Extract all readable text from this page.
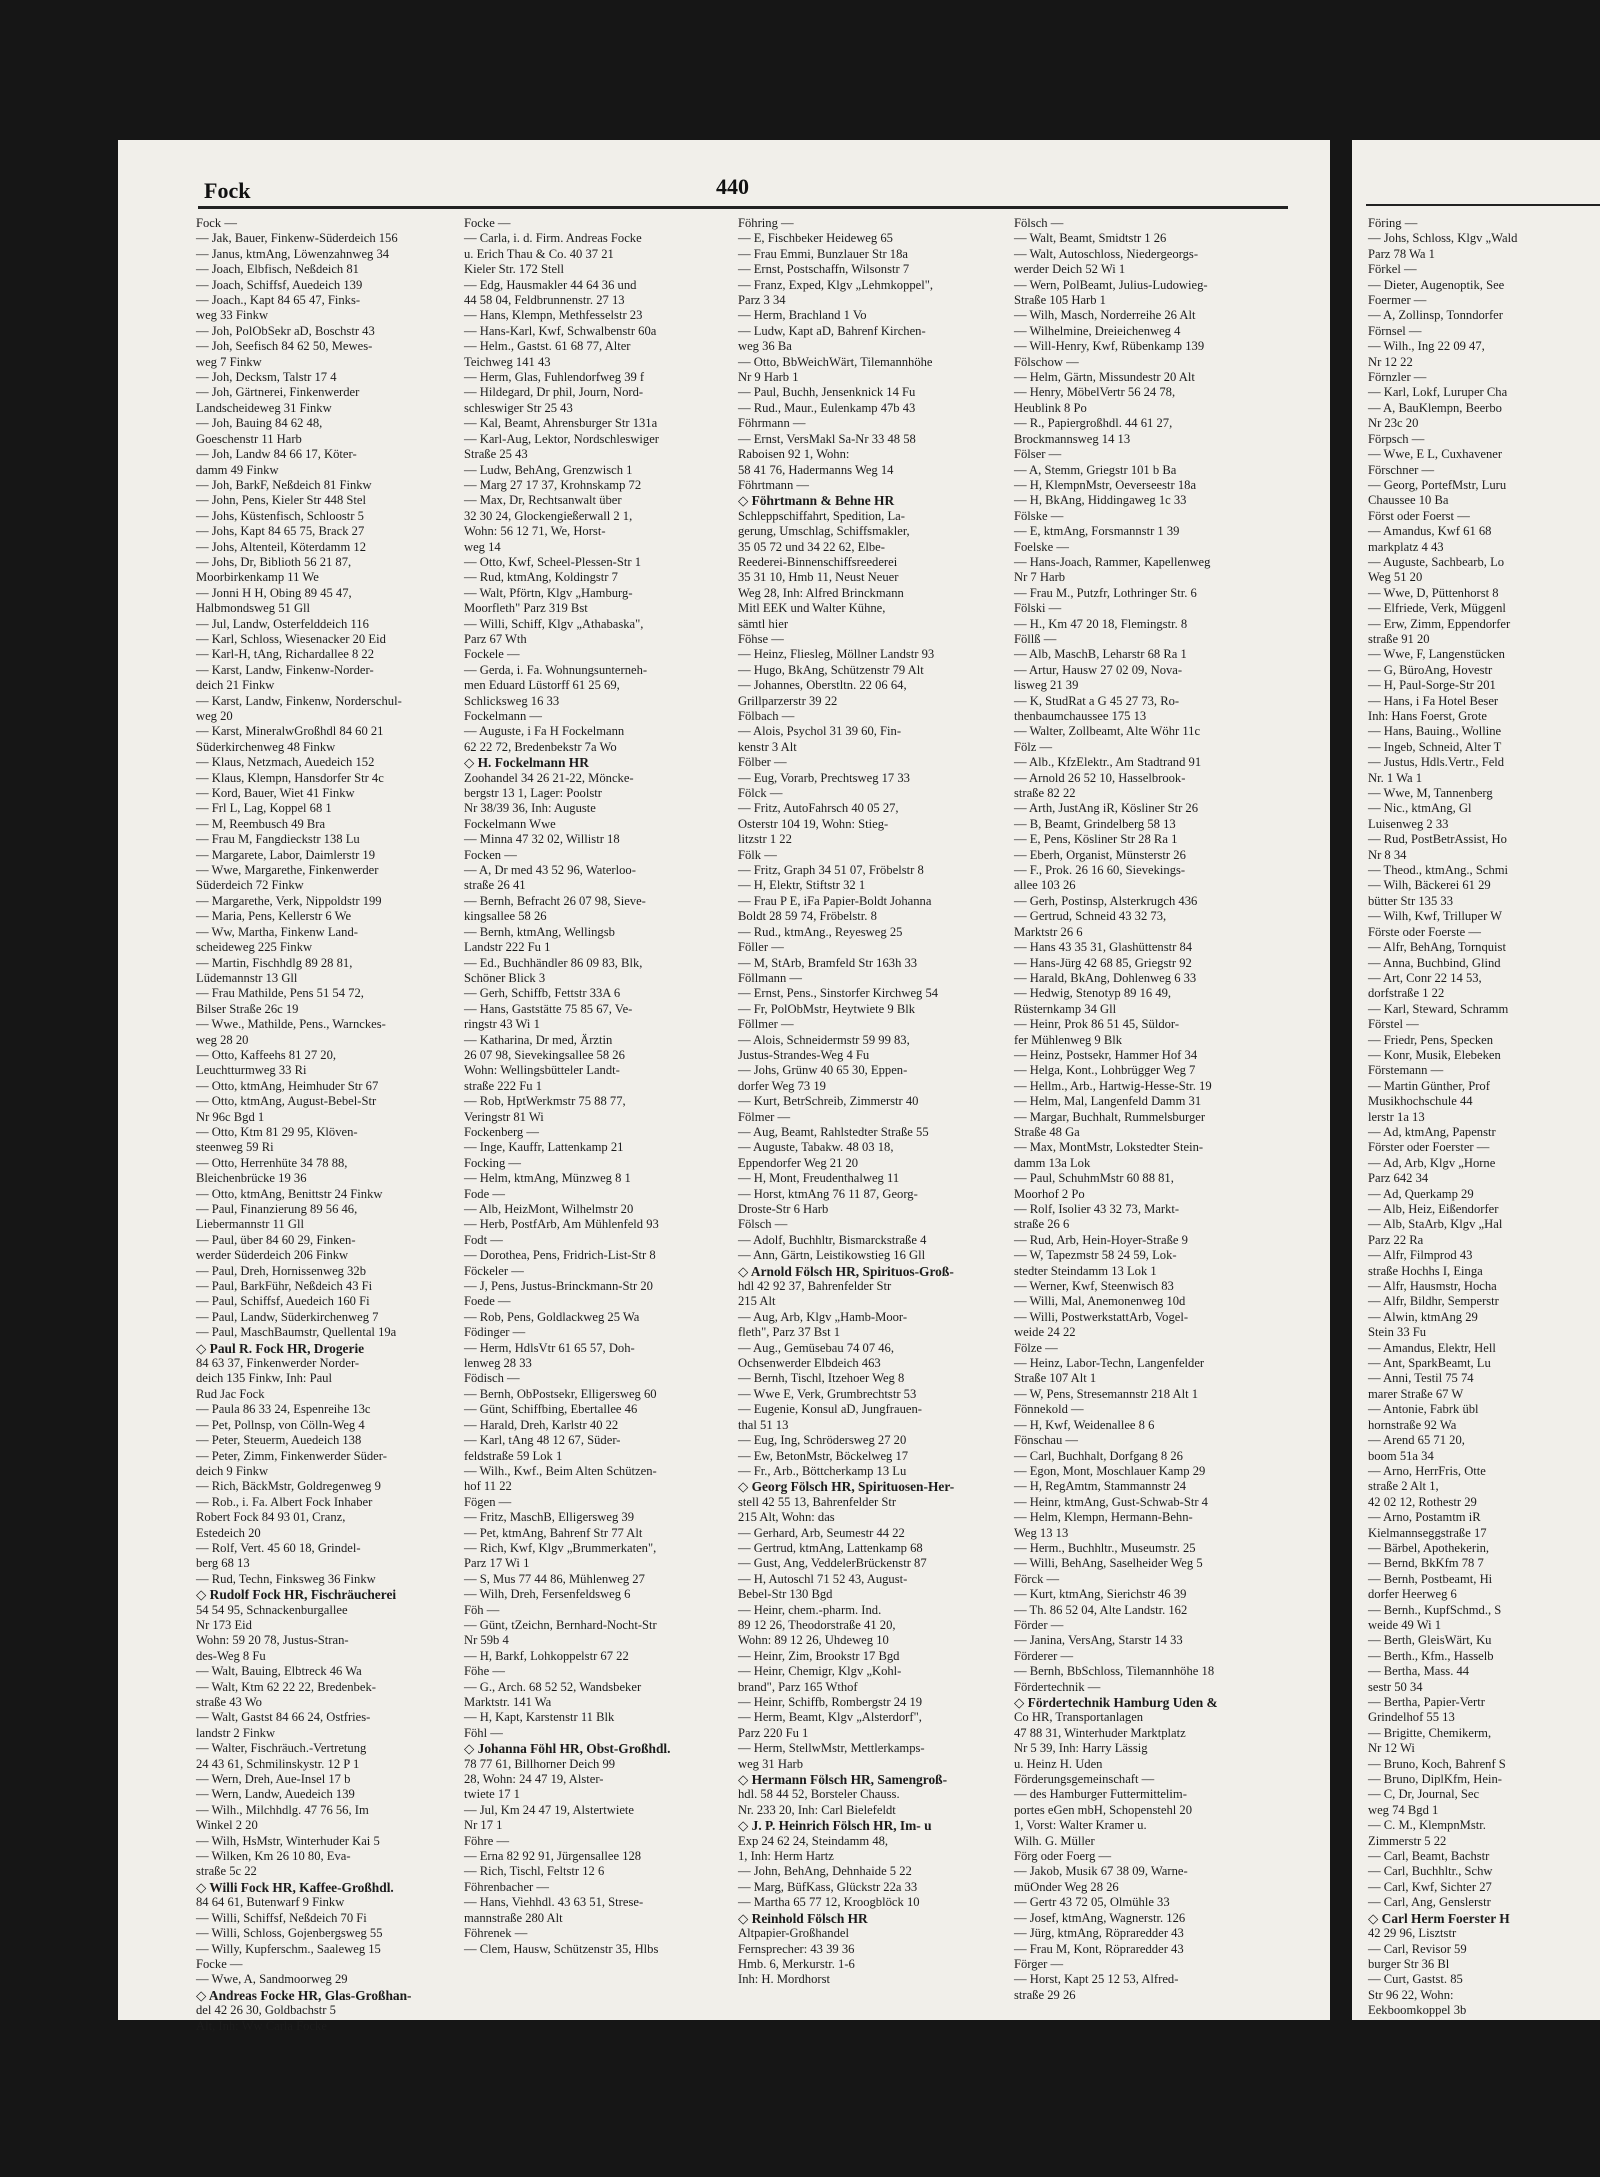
Fock	440

Fock —

— Jak, Bauer, Finkenw-Süderdeich 156

— Janus, ktmAng, Löwenzahnweg 34

— Joach, Elbfisch, Neßdeich 81

— Joach, Schiffsf, Auedeich 139

— Joach., Kapt 84 65 47, Finks-

weg 33 Finkw

— Joh, PolObSekr aD, Boschstr 43

— Joh, Seefisch 84 62 50, Mewes-

weg 7 Finkw

— Joh, Decksm, Talstr 17 4

— Joh, Gärtnerei, Finkenwerder

Landscheideweg 31 Finkw

— Joh, Bauing 84 62 48,

Goeschenstr 11 Harb

— Joh, Landw 84 66 17, Köter-

damm 49 Finkw

— Joh, BarkF, Neßdeich 81 Finkw

— John, Pens, Kieler Str 448 Stel

— Johs, Küstenfisch, Schloostr 5

— Johs, Kapt 84 65 75, Brack 27

— Johs, Altenteil, Köterdamm 12

— Johs, Dr, Biblioth 56 21 87,

Moorbirkenkamp 11 We

— Jonni H H, Obing 89 45 47,

Halbmondsweg 51 Gll

— Jul, Landw, Osterfelddeich 116

— Karl, Schloss, Wiesenacker 20 Eid

— Karl-H, tAng, Richardallee 8 22

— Karst, Landw, Finkenw-Norder-

deich 21 Finkw

— Karst, Landw, Finkenw, Norderschul-

weg 20

— Karst, MineralwGroßhdl 84 60 21

Süderkirchenweg 48 Finkw

— Klaus, Netzmach, Auedeich 152

— Klaus, Klempn, Hansdorfer Str 4c

— Kord, Bauer, Wiet 41 Finkw

— Frl L, Lag, Koppel 68 1

— M, Reembusch 49 Bra

— Frau M, Fangdieckstr 138 Lu

— Margarete, Labor, Daimlerstr 19

— Wwe, Margarethe, Finkenwerder

Süderdeich 72 Finkw

— Margarethe, Verk, Nippoldstr 199

— Maria, Pens, Kellerstr 6 We

— Ww, Martha, Finkenw Land-

scheideweg 225 Finkw

— Martin, Fischhdlg 89 28 81,

Lüdemannstr 13 Gll

— Frau Mathilde, Pens 51 54 72,

Bilser Straße 26c 19

— Wwe., Mathilde, Pens., Warnckes-

weg 28 20

— Otto, Kaffeehs 81 27 20,

Leuchtturmweg 33 Ri

— Otto, ktmAng, Heimhuder Str 67

— Otto, ktmAng, August-Bebel-Str

Nr 96c Bgd 1

— Otto, Ktm 81 29 95, Klöven-

steenweg 59 Ri

— Otto, Herrenhüte 34 78 88,

Bleichenbrücke 19 36

— Otto, ktmAng, Benittstr 24 Finkw

— Paul, Finanzierung 89 56 46,

Liebermannstr 11 Gll

— Paul, über 84 60 29, Finken-

werder Süderdeich 206 Finkw

— Paul, Dreh, Hornissenweg 32b

— Paul, BarkFühr, Neßdeich 43 Fi

— Paul, Schiffsf, Auedeich 160 Fi

— Paul, Landw, Süderkirchenweg 7

— Paul, MaschBaumstr, Quellental 19a

◇ Paul R. Fock HR, Drogerie

84 63 37, Finkenwerder Norder-

deich 135 Finkw, Inh: Paul

Rud Jac Fock

— Paula 86 33 24, Espenreihe 13c

— Pet, Pollnsp, von Cölln-Weg 4

— Peter, Steuerm, Auedeich 138

— Peter, Zimm, Finkenwerder Süder-

deich 9 Finkw

— Rich, BäckMstr, Goldregenweg 9

— Rob., i. Fa. Albert Fock Inhaber

Robert Fock 84 93 01, Cranz,

Estedeich 20

— Rolf, Vert. 45 60 18, Grindel-

berg 68 13

— Rud, Techn, Finksweg 36 Finkw

◇ Rudolf Fock HR, Fischräucherei

54 54 95, Schnackenburgallee

Nr 173 Eid

Wohn: 59 20 78, Justus-Stran-

des-Weg 8 Fu

— Walt, Bauing, Elbtreck 46 Wa

— Walt, Ktm 62 22 22, Bredenbek-

straße 43 Wo

— Walt, Gastst 84 66 24, Ostfries-

landstr 2 Finkw

— Walter, Fischräuch.-Vertretung

24 43 61, Schmilinskystr. 12 P 1

— Wern, Dreh, Aue-Insel 17 b

— Wern, Landw, Auedeich 139

— Wilh., Milchhdlg. 47 76 56, Im

Winkel 2 20

— Wilh, HsMstr, Winterhuder Kai 5

— Wilken, Km 26 10 80, Eva-

straße 5c 22

◇ Willi Fock HR, Kaffee-Großhdl.

84 64 61, Butenwarf 9 Finkw

— Willi, Schiffsf, Neßdeich 70 Fi

— Willi, Schloss, Gojenbergsweg 55

— Willy, Kupferschm., Saaleweg 15

Focke —

— Wwe, A, Sandmoorweg 29

◇ Andreas Focke HR, Glas-Großhan-

del 42 26 30, Goldbachstr 5

Alt, Inh: Ww Carla Focke

Focke —

— Carla, i. d. Firm. Andreas Focke

u. Erich Thau & Co. 40 37 21

Kieler Str. 172 Stell

— Edg, Hausmakler 44 64 36 und

44 58 04, Feldbrunnenstr. 27 13

— Hans, Klempn, Methfesselstr 23

— Hans-Karl, Kwf, Schwalbenstr 60a

— Helm., Gastst. 61 68 77, Alter

Teichweg 141 43

— Herm, Glas, Fuhlendorfweg 39 f

— Hildegard, Dr phil, Journ, Nord-

schleswiger Str 25 43

— Kal, Beamt, Ahrensburger Str 131a

— Karl-Aug, Lektor, Nordschleswiger

Straße 25 43

— Ludw, BehAng, Grenzwisch 1

— Marg 27 17 37, Krohnskamp 72

— Max, Dr, Rechtsanwalt über

32 30 24, Glockengießerwall 2 1,

Wohn: 56 12 71, We, Horst-

weg 14

— Otto, Kwf, Scheel-Plessen-Str 1

— Rud, ktmAng, Koldingstr 7

— Walt, Pförtn, Klgv „Hamburg-

Moorfleth" Parz 319 Bst

— Willi, Schiff, Klgv „Athabaska",

Parz 67 Wth

Fockele —

— Gerda, i. Fa. Wohnungsunterneh-

men Eduard Lüstorff 61 25 69,

Schlicksweg 16 33

Fockelmann —

— Auguste, i Fa H Fockelmann

62 22 72, Bredenbekstr 7a Wo

◇ H. Fockelmann HR

Zoohandel 34 26 21-22, Möncke-

bergstr 13 1, Lager: Poolstr

Nr 38/39 36, Inh: Auguste

Fockelmann Wwe

— Minna 47 32 02, Willistr 18

Focken —

— A, Dr med 43 52 96, Waterloo-

straße 26 41

— Bernh, Befracht 26 07 98, Sieve-

kingsallee 58 26

— Bernh, ktmAng, Wellingsb

Landstr 222 Fu 1

— Ed., Buchhändler 86 09 83, Blk,

Schöner Blick 3

— Gerh, Schiffb, Fettstr 33A 6

— Hans, Gaststätte 75 85 67, Ve-

ringstr 43 Wi 1

— Katharina, Dr med, Ärztin

26 07 98, Sievekingsallee 58 26

Wohn: Wellingsbütteler Landt-

straße 222 Fu 1

— Rob, HptWerkmstr 75 88 77,

Veringstr 81 Wi

Fockenberg —

— Inge, Kauffr, Lattenkamp 21

Focking —

— Helm, ktmAng, Münzweg 8 1

Fode —

— Alb, HeizMont, Wilhelmstr 20

— Herb, PostfArb, Am Mühlenfeld 93

Fodt —

— Dorothea, Pens, Fridrich-List-Str 8

Föckeler —

— J, Pens, Justus-Brinckmann-Str 20

Foede —

— Rob, Pens, Goldlackweg 25 Wa

Födinger —

— Herm, HdlsVtr 61 65 57, Doh-

lenweg 28 33

Födisch —

— Bernh, ObPostsekr, Elligersweg 60

— Günt, Schiffbing, Ebertallee 46

— Harald, Dreh, Karlstr 40 22

— Karl, tAng 48 12 67, Süder-

feldstraße 59 Lok 1

— Wilh., Kwf., Beim Alten Schützen-

hof 11 22

Fögen —

— Fritz, MaschB, Elligersweg 39

— Pet, ktmAng, Bahrenf Str 77 Alt

— Rich, Kwf, Klgv „Brummerkaten",

Parz 17 Wi 1

— S, Mus 77 44 86, Mühlenweg 27

— Wilh, Dreh, Fersenfeldsweg 6

Föh —

— Günt, tZeichn, Bernhard-Nocht-Str

Nr 59b 4

— H, Barkf, Lohkoppelstr 67 22

Föhe —

— G., Arch. 68 52 52, Wandsbeker

Marktstr. 141 Wa

— H, Kapt, Karstenstr 11 Blk

Föhl —

◇ Johanna Föhl HR, Obst-Großhdl.

78 77 61, Billhorner Deich 99

28, Wohn: 24 47 19, Alster-

twiete 17 1

— Jul, Km 24 47 19, Alstertwiete

Nr 17 1

Föhre —

— Erna 82 92 91, Jürgensallee 128

— Rich, Tischl, Feltstr 12 6

Föhrenbacher —

— Hans, Viehhdl. 43 63 51, Strese-

mannstraße 280 Alt

Föhrenek —

— Clem, Hausw, Schützenstr 35, Hlbs

Föhring —

— E, Fischbeker Heideweg 65

— Frau Emmi, Bunzlauer Str 18a

— Ernst, Postschaffn, Wilsonstr 7

— Franz, Exped, Klgv „Lehmkoppel",

Parz 3 34

— Herm, Brachland 1 Vo

— Ludw, Kapt aD, Bahrenf Kirchen-

weg 36 Ba

— Otto, BbWeichWärt, Tilemannhöhe

Nr 9 Harb 1

— Paul, Buchh, Jensenknick 14 Fu

— Rud., Maur., Eulenkamp 47b 43

Föhrmann —

— Ernst, VersMakl Sa-Nr 33 48 58

Raboisen 92 1, Wohn:

58 41 76, Hadermanns Weg 14

Föhrtmann —

◇ Föhrtmann & Behne HR

Schleppschiffahrt, Spedition, La-

gerung, Umschlag, Schiffsmakler,

35 05 72 und 34 22 62, Elbe-

Reederei-Binnenschiffsreederei

35 31 10, Hmb 11, Neust Neuer

Weg 28, Inh: Alfred Brinckmann

Mitl EEK und Walter Kühne,

sämtl hier

Föhse —

— Heinz, Fliesleg, Möllner Landstr 93

— Hugo, BkAng, Schützenstr 79 Alt

— Johannes, Oberstltn. 22 06 64,

Grillparzerstr 39 22

Fölbach —

— Alois, Psychol 31 39 60, Fin-

kenstr 3 Alt

Fölber —

— Eug, Vorarb, Prechtsweg 17 33

Fölck —

— Fritz, AutoFahrsch 40 05 27,

Osterstr 104 19, Wohn: Stieg-

litzstr 1 22

Fölk —

— Fritz, Graph 34 51 07, Fröbelstr 8

— H, Elektr, Stiftstr 32 1

— Frau P E, iFa Papier-Boldt Johanna

Boldt 28 59 74, Fröbelstr. 8

— Rud., ktmAng., Reyesweg 25

Föller —

— M, StArb, Bramfeld Str 163h 33

Föllmann —

— Ernst, Pens., Sinstorfer Kirchweg 54

— Fr, PolObMstr, Heytwiete 9 Blk

Föllmer —

— Alois, Schneidermstr 59 99 83,

Justus-Strandes-Weg 4 Fu

— Johs, Grünw 40 65 30, Eppen-

dorfer Weg 73 19

— Kurt, BetrSchreib, Zimmerstr 40

Fölmer —

— Aug, Beamt, Rahlstedter Straße 55

— Auguste, Tabakw. 48 03 18,

Eppendorfer Weg 21 20

— H, Mont, Freudenthalweg 11

— Horst, ktmAng 76 11 87, Georg-

Droste-Str 6 Harb

Fölsch —

— Adolf, Buchhltr, Bismarckstraße 4

— Ann, Gärtn, Leistikowstieg 16 Gll

◇ Arnold Fölsch HR, Spirituos-Groß-

hdl 42 92 37, Bahrenfelder Str

215 Alt

— Aug, Arb, Klgv „Hamb-Moor-

fleth", Parz 37 Bst 1

— Aug., Gemüsebau 74 07 46,

Ochsenwerder Elbdeich 463

— Bernh, Tischl, Itzehoer Weg 8

— Wwe E, Verk, Grumbrechtstr 53

— Eugenie, Konsul aD, Jungfrauen-

thal 51 13

— Eug, Ing, Schrödersweg 27 20

— Ew, BetonMstr, Böckelweg 17

— Fr., Arb., Böttcherkamp 13 Lu

◇ Georg Fölsch HR, Spirituosen-Her-

stell 42 55 13, Bahrenfelder Str

215 Alt, Wohn: das

— Gerhard, Arb, Seumestr 44 22

— Gertrud, ktmAng, Lattenkamp 68

— Gust, Ang, VeddelerBrückenstr 87

— H, Autoschl 71 52 43, August-

Bebel-Str 130 Bgd

— Heinr, chem.-pharm. Ind.

89 12 26, Theodorstraße 41 20,

Wohn: 89 12 26, Uhdeweg 10

— Heinr, Zim, Brookstr 17 Bgd

— Heinr, Chemigr, Klgv „Kohl-

brand", Parz 165 Wthof

— Heinr, Schiffb, Rombergstr 24 19

— Herm, Beamt, Klgv „Alsterdorf",

Parz 220 Fu 1

— Herm, StellwMstr, Mettlerkamps-

weg 31 Harb

◇ Hermann Fölsch HR, Samengroß-

hdl. 58 44 52, Borsteler Chauss.

Nr. 233 20, Inh: Carl Bielefeldt

◇ J. P. Heinrich Fölsch HR, Im- u

Exp 24 62 24, Steindamm 48,

1, Inh: Herm Hartz

— John, BehAng, Dehnhaide 5 22

— Marg, BüfKass, Glückstr 22a 33

— Martha 65 77 12, Kroogblöck 10

◇ Reinhold Fölsch HR

Altpapier-Großhandel

Fernsprecher: 43 39 36

Hmb. 6, Merkurstr. 1-6

Inh: H. Mordhorst

Fölsch —

— Walt, Beamt, Smidtstr 1 26

— Walt, Autoschloss, Niedergeorgs-

werder Deich 52 Wi 1

— Wern, PolBeamt, Julius-Ludowieg-

Straße 105 Harb 1

— Wilh, Masch, Norderreihe 26 Alt

— Wilhelmine, Dreieichenweg 4

— Will-Henry, Kwf, Rübenkamp 139

Fölschow —

— Helm, Gärtn, Missundestr 20 Alt

— Henry, MöbelVertr 56 24 78,

Heublink 8 Po

— R., Papiergroßhdl. 44 61 27,

Brockmannsweg 14 13

Fölser —

— A, Stemm, Griegstr 101 b Ba

— H, KlempnMstr, Oeverseestr 18a

— H, BkAng, Hiddingaweg 1c 33

Fölske —

— E, ktmAng, Forsmannstr 1 39

Foelske —

— Hans-Joach, Rammer, Kapellenweg

Nr 7 Harb

— Frau M., Putzfr, Lothringer Str. 6

Fölski —

— H., Km 47 20 18, Flemingstr. 8

Föllß —

— Alb, MaschB, Leharstr 68 Ra 1

— Artur, Hausw 27 02 09, Nova-

lisweg 21 39

— K, StudRat a G 45 27 73, Ro-

thenbaumchaussee 175 13

— Walter, Zollbeamt, Alte Wöhr 11c

Fölz —

— Alb., KfzElektr., Am Stadtrand 91

— Arnold 26 52 10, Hasselbrook-

straße 82 22

— Arth, JustAng iR, Kösliner Str 26

— B, Beamt, Grindelberg 58 13

— E, Pens, Kösliner Str 28 Ra 1

— Eberh, Organist, Münsterstr 26

— F., Prok. 26 16 60, Sievekings-

allee 103 26

— Gerh, Postinsp, Alsterkrugch 436

— Gertrud, Schneid 43 32 73,

Marktstr 26 6

— Hans 43 35 31, Glashüttenstr 84

— Hans-Jürg 42 68 85, Griegstr 92

— Harald, BkAng, Dohlenweg 6 33

— Hedwig, Stenotyp 89 16 49,

Rüsternkamp 34 Gll

— Heinr, Prok 86 51 45, Süldor-

fer Mühlenweg 9 Blk

— Heinz, Postsekr, Hammer Hof 34

— Helga, Kont., Lohbrügger Weg 7

— Hellm., Arb., Hartwig-Hesse-Str. 19

— Helm, Mal, Langenfeld Damm 31

— Margar, Buchhalt, Rummelsburger

Straße 48 Ga

— Max, MontMstr, Lokstedter Stein-

damm 13a Lok

— Paul, SchuhmMstr 60 88 81,

Moorhof 2 Po

— Rolf, Isolier 43 32 73, Markt-

straße 26 6

— Rud, Arb, Hein-Hoyer-Straße 9

— W, Tapezmstr 58 24 59, Lok-

stedter Steindamm 13 Lok 1

— Werner, Kwf, Steenwisch 83

— Willi, Mal, Anemonenweg 10d

— Willi, PostwerkstattArb, Vogel-

weide 24 22

Fölze —

— Heinz, Labor-Techn, Langenfelder

Straße 107 Alt 1

— W, Pens, Stresemannstr 218 Alt 1

Fönnekold —

— H, Kwf, Weidenallee 8 6

Fönschau —

— Carl, Buchhalt, Dorfgang 8 26

— Egon, Mont, Moschlauer Kamp 29

— H, RegAmtm, Stammannstr 24

— Heinr, ktmAng, Gust-Schwab-Str 4

— Helm, Klempn, Hermann-Behn-

Weg 13 13

— Herm., Buchhltr., Museumstr. 25

— Willi, BehAng, Saselheider Weg 5

Förck —

— Kurt, ktmAng, Sierichstr 46 39

— Th. 86 52 04, Alte Landstr. 162

Förder —

— Janina, VersAng, Starstr 14 33

Förderer —

— Bernh, BbSchloss, Tilemannhöhe 18

Fördertechnik —

◇ Fördertechnik Hamburg Uden &

Co HR, Transportanlagen

47 88 31, Winterhuder Marktplatz

Nr 5 39, Inh: Harry Lässig

u. Heinz H. Uden

Förderungsgemeinschaft —

— des Hamburger Futtermittelim-

portes eGen mbH, Schopenstehl 20

1, Vorst: Walter Kramer u.

Wilh. G. Müller

Förg oder Foerg —

— Jakob, Musik 67 38 09, Warne-

müOnder Weg 28 26

— Gertr 43 72 05, Olmühle 33

— Josef, ktmAng, Wagnerstr. 126

— Jürg, ktmAng, Röpraredder 43

— Frau M, Kont, Röpraredder 43

Förger —

— Horst, Kapt 25 12 53, Alfred-

straße 29 26

Föring —

— Johs, Schloss, Klgv „Wald

Parz 78 Wa 1

Förkel —

— Dieter, Augenoptik, See

Foermer —

— A, Zollinsp, Tonndorfer

Förnsel —

— Wilh., Ing 22 09 47,

Nr 12 22

Förnzler —

— Karl, Lokf, Luruper Cha

— A, BauKlempn, Beerbo

Nr 23c 20

Förpsch —

— Wwe, E L, Cuxhavener

Förschner —

— Georg, PortefMstr, Luru

Chaussee 10 Ba

Först oder Foerst —

— Amandus, Kwf 61 68

markplatz 4 43

— Auguste, Sachbearb, Lo

Weg 51 20

— Wwe, D, Püttenhorst 8

— Elfriede, Verk, Müggenl

— Erw, Zimm, Eppendorfer

straße 91 20

— Wwe, F, Langenstücken

— G, BüroAng, Hovestr

— H, Paul-Sorge-Str 201

— Hans, i Fa Hotel Beser

Inh: Hans Foerst, Grote

— Hans, Bauing., Wolline

— Ingeb, Schneid, Alter T

— Justus, Hdls.Vertr., Feld

Nr. 1 Wa 1

— Wwe, M, Tannenberg

— Nic., ktmAng, Gl

Luisenweg 2 33

— Rud, PostBetrAssist, Ho

Nr 8 34

— Theod., ktmAng., Schmi

— Wilh, Bäckerei 61 29

bütter Str 135 33

— Wilh, Kwf, Trilluper W

Förste oder Foerste —

— Alfr, BehAng, Tornquist

— Anna, Buchbind, Glind

— Art, Conr 22 14 53,

dorfstraße 1 22

— Karl, Steward, Schramm

Förstel —

— Friedr, Pens, Specken

— Konr, Musik, Elebeken

Förstemann —

— Martin Günther, Prof

Musikhochschule 44

lerstr 1a 13

— Ad, ktmAng, Papenstr

Förster oder Foerster —

— Ad, Arb, Klgv „Horne

Parz 642 34

— Ad, Querkamp 29

— Alb, Heiz, Eißendorfer

— Alb, StaArb, Klgv „Hal

Parz 22 Ra

— Alfr, Filmprod 43

straße Hochhs I, Einga

— Alfr, Hausmstr, Hocha

— Alfr, Bildhr, Semperstr

— Alwin, ktmAng 29

Stein 33 Fu

— Amandus, Elektr, Hell

— Ant, SparkBeamt, Lu

— Anni, Testil 75 74

marer Straße 67 W

— Antonie, Fabrk übl

hornstraße 92 Wa

— Arend 65 71 20,

boom 51a 34

— Arno, HerrFris, Otte

straße 2 Alt 1,

42 02 12, Rothestr 29

— Arno, Postamtm iR

Kielmannseggstraße 17

— Bärbel, Apothekerin,

— Bernd, BkKfm 78 7

— Bernh, Postbeamt, Hi

dorfer Heerweg 6

— Bernh., KupfSchmd., S

weide 49 Wi 1

— Berth, GleisWärt, Ku

— Berth., Kfm., Hasselb

— Bertha, Mass. 44

sestr 50 34

— Bertha, Papier-Vertr

Grindelhof 55 13

— Brigitte, Chemikerm,

Nr 12 Wi

— Bruno, Koch, Bahrenf S

— Bruno, DiplKfm, Hein-

— C, Dr, Journal, Sec

weg 74 Bgd 1

— C. M., KlempnMstr.

Zimmerstr 5 22

— Carl, Beamt, Bachstr

— Carl, Buchhltr., Schw

— Carl, Kwf, Sichter 27

— Carl, Ang, Genslerstr

◇ Carl Herm Foerster H

42 29 96, Lisztstr

— Carl, Revisor 59

burger Str 36 Bl

— Curt, Gastst. 85

Str 96 22, Wohn:

Eekboomkoppel 3b
